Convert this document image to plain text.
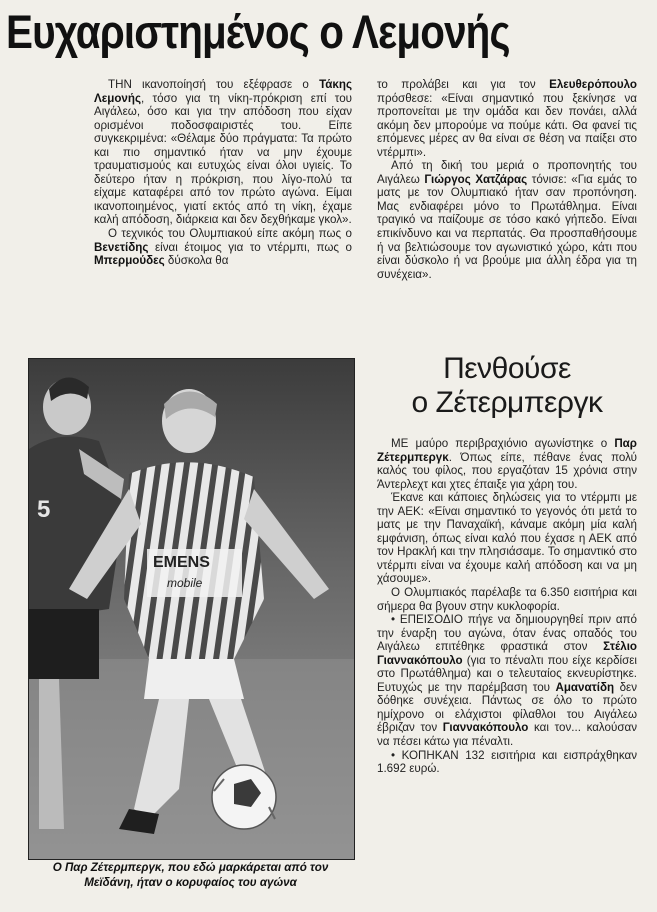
Ευχαριστημένος ο Λεμονής

ΤΗΝ ικανοποίησή του εξέφρασε ο Τάκης Λεμονής, τόσο για τη νίκη-πρόκριση επί του Αιγάλεω, όσο και για την απόδοση που είχαν ορισμένοι ποδοσφαιριστές του. Είπε συγκεκριμένα: «Θέλαμε δύο πράγματα: Τα πρώτο και πιο σημαντικό ήταν να μην έχουμε τραυματισμούς και ευτυχώς είναι όλοι υγιείς. Το δεύτερο ήταν η πρόκριση, που λίγο-πολύ τα είχαμε καταφέρει από τον πρώτο αγώνα. Είμαι ικανοποιημένος, γιατί εκτός από τη νίκη, έχαμε καλή απόδοση, διάρκεια και δεν δεχθήκαμε γκολ».

Ο τεχνικός του Ολυμπιακού είπε ακόμη πως ο Βενετίδης είναι έτοιμος για το ντέρμπι, πως ο Μπερμούδες δύσκολα θα

το προλάβει και για τον Ελευθερόπουλο πρόσθεσε: «Είναι σημαντικό που ξεκίνησε να προπονείται με την ομάδα και δεν πονάει, αλλά ακόμη δεν μπορούμε να πούμε κάτι. Θα φανεί τις επόμενες μέρες αν θα είναι σε θέση να παίξει στο ντέρμπι».

Από τη δική του μεριά ο προπονητής του Αιγάλεω Γιώργος Χατζάρας τόνισε: «Για εμάς το ματς με τον Ολυμπιακό ήταν σαν προπόνηση. Μας ενδιαφέρει μόνο το Πρωτάθλημα. Είναι τραγικό να παίζουμε σε τόσο κακό γήπεδο. Είναι επικίνδυνο και να περπατάς. Θα προσπαθήσουμε ή να βελτιώσουμε τον αγωνιστικό χώρο, κάτι που είναι δύσκολο ή να βρούμε μια άλλη έδρα για τη συνέχεια».

Πενθούσε
ο Ζέτερμπεργκ

ΜΕ μαύρο περιβραχιόνιο αγωνίστηκε ο Παρ Ζέτερμπεργκ. Όπως είπε, πέθανε ένας πολύ καλός του φίλος, που εργαζόταν 15 χρόνια στην Άντερλεχτ και χτες έπαιξε για χάρη του.

Έκανε και κάποιες δηλώσεις για το ντέρμπι με την ΑΕΚ: «Είναι σημαντικό το γεγονός ότι μετά το ματς με την Παναχαϊκή, κάναμε ακόμη μία καλή εμφάνιση, όπως είναι καλό που έχασε η ΑΕΚ από τον Ηρακλή και την πλησιάσαμε. Το σημαντικό στο ντέρμπι είναι να έχουμε καλή απόδοση και να μη χάσουμε».

Ο Ολυμπιακός παρέλαβε τα 6.350 εισιτήρια και σήμερα θα βγουν στην κυκλοφορία.

• ΕΠΕΙΣΟΔΙΟ πήγε να δημιουργηθεί πριν από την έναρξη του αγώνα, όταν ένας οπαδός του Αιγάλεω επιτέθηκε φραστικά στον Στέλιο Γιαννακόπουλο (για το πέναλτι που είχε κερδίσει στο Πρωτάθλημα) και ο τελευταίος εκνευρίστηκε. Ευτυχώς με την παρέμβαση του Αμανατίδη δεν δόθηκε συνέχεια. Πάντως σε όλο το πρώτο ημίχρονο οι ελάχιστοι φίλαθλοι του Αιγάλεω έβριζαν τον Γιαννακόπουλο και τον... καλούσαν να πέσει κάτω για πέναλτι.

• ΚΟΠΗΚΑΝ 132 εισιτήρια και εισπράχθηκαν 1.692 ευρώ.

5
EMENS
mobile
Ο Παρ Ζέτερμπεργκ, που εδώ μαρκάρεται από τον Μεϊδάνη, ήταν ο κορυφαίος του αγώνα
